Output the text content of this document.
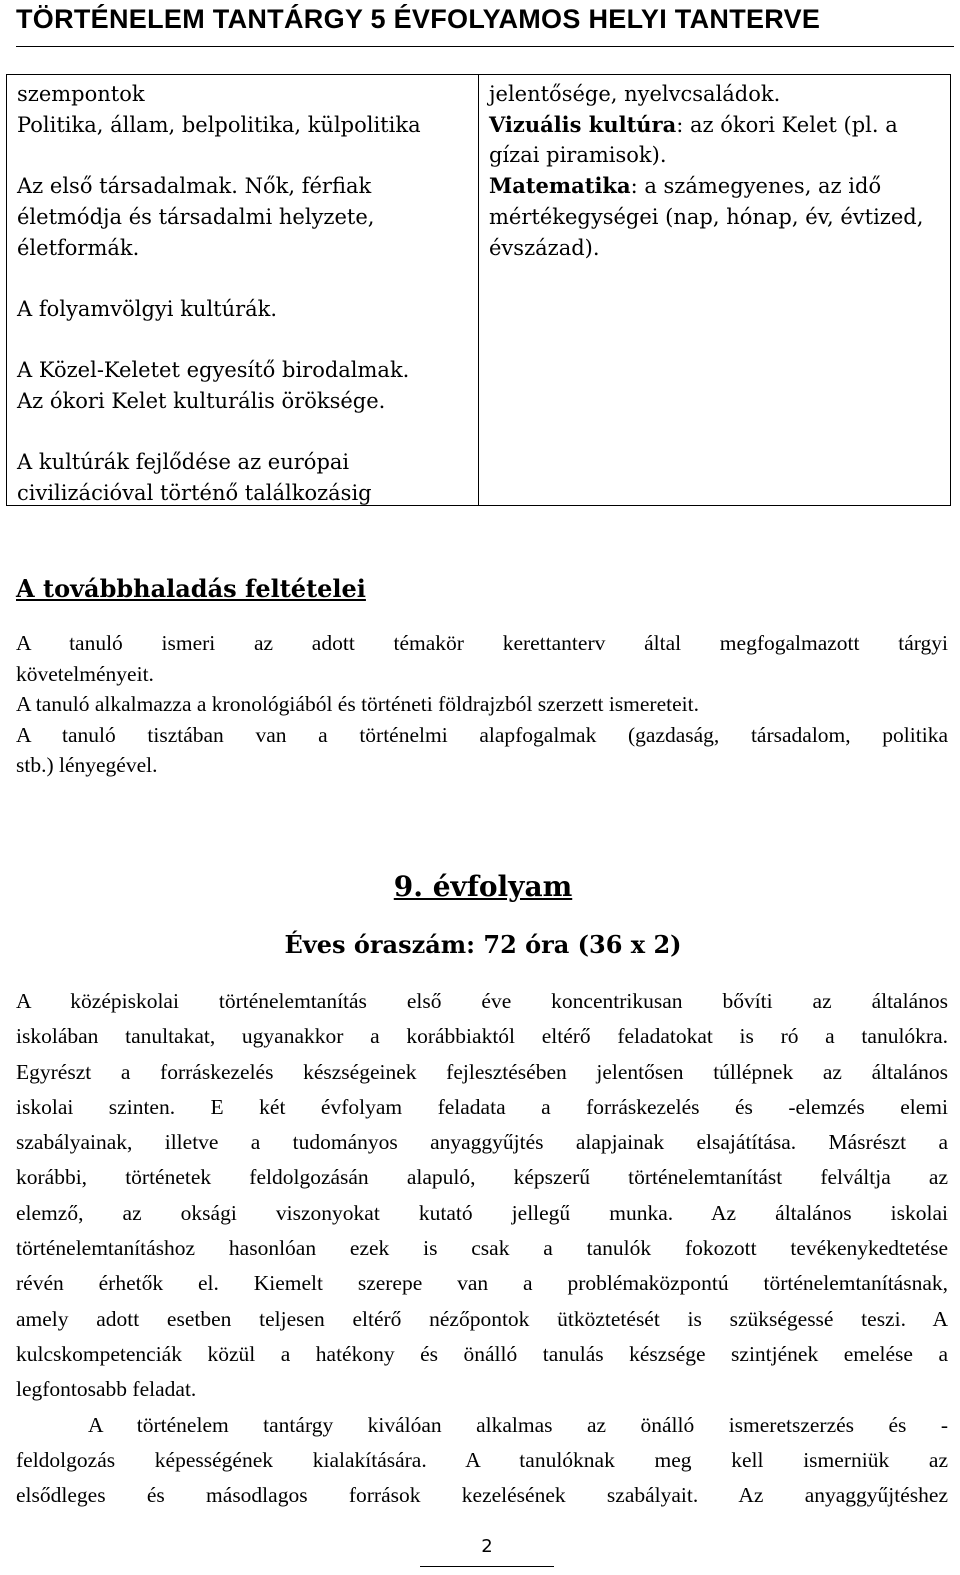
TÖRTÉNELEM TANTÁRGY 5 ÉVFOLYAMOS HELYI TANTERVE
szempontok
Politika, állam, belpolitika, külpolitika
Az első társadalmak. Nők, férfiak
életmódja és társadalmi helyzete,
életformák.
A folyamvölgyi kultúrák.
A Közel-Keletet egyesítő birodalmak.
Az ókori Kelet kulturális öröksége.
A kultúrák fejlődése az európai
civilizációval történő találkozásig
jelentősége, nyelvcsaládok.
Vizuális kultúra: az ókori Kelet (pl. a
gízai piramisok).
Matematika: a számegyenes, az idő
mértékegységei (nap, hónap, év, évtized,
évszázad).
A továbbhaladás feltételei
A tanuló ismeri az adott témakör kerettanterv által megfogalmazott tárgyi
követelményeit.
A tanuló alkalmazza a kronológiából és történeti földrajzból szerzett ismereteit.
A tanuló tisztában van a történelmi alapfogalmak (gazdaság, társadalom, politika
stb.) lényegével.
9. évfolyam
Éves óraszám: 72 óra (36 x 2)
A középiskolai történelemtanítás első éve koncentrikusan bővíti az általános
iskolában tanultakat, ugyanakkor a korábbiaktól eltérő feladatokat is ró a tanulókra.
Egyrészt a forráskezelés készségeinek fejlesztésében jelentősen túllépnek az általános
iskolai szinten. E két évfolyam feladata a forráskezelés és -elemzés elemi
szabályainak, illetve a tudományos anyaggyűjtés alapjainak elsajátítása. Másrészt a
korábbi, történetek feldolgozásán alapuló, képszerű történelemtanítást felváltja az
elemző, az oksági viszonyokat kutató jellegű munka. Az általános iskolai
történelemtanításhoz hasonlóan ezek is csak a tanulók fokozott tevékenykedtetése
révén érhetők el. Kiemelt szerepe van a problémaközpontú történelemtanításnak,
amely adott esetben teljesen eltérő nézőpontok ütköztetését is szükségessé teszi. A
kulcskompetenciák közül a hatékony és önálló tanulás készsége szintjének emelése a
legfontosabb feladat.
A történelem tantárgy kiválóan alkalmas az önálló ismeretszerzés és -
feldolgozás képességének kialakítására. A tanulóknak meg kell ismerniük az
elsődleges és másodlagos források kezelésének szabályait. Az anyaggyűjtéshez
2
